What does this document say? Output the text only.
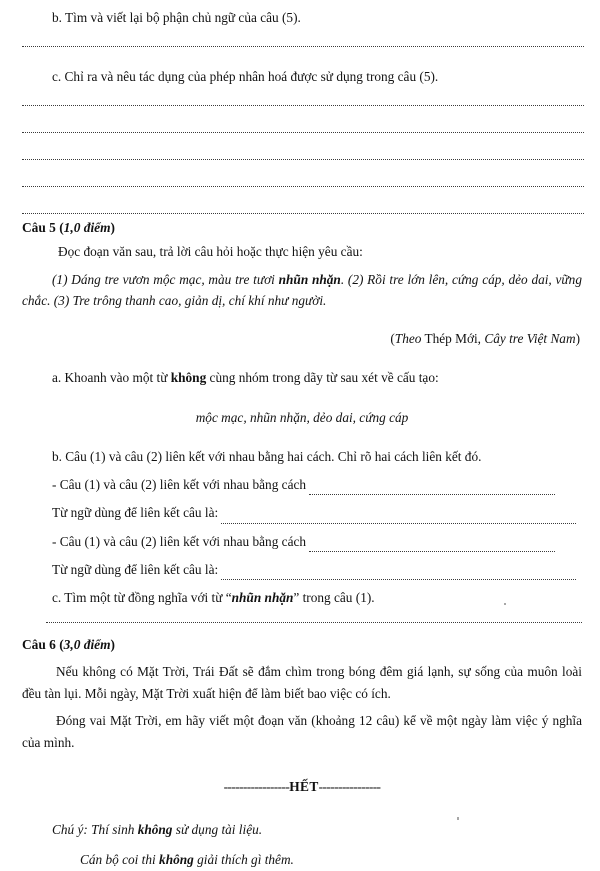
b. Tìm và viết lại bộ phận chủ ngữ của câu (5).

c. Chỉ ra và nêu tác dụng của phép nhân hoá được sử dụng trong câu (5).

Câu 5 (1,0 điểm)

Đọc đoạn văn sau, trả lời câu hỏi hoặc thực hiện yêu cầu:

(1) Dáng tre vươn mộc mạc, màu tre tươi nhũn nhặn. (2) Rồi tre lớn lên, cứng cáp, dẻo dai, vững chắc. (3) Tre trông thanh cao, giản dị, chí khí như người.

(Theo Thép Mới, Cây tre Việt Nam)

a. Khoanh vào một từ không cùng nhóm trong dãy từ sau xét về cấu tạo:

mộc mạc, nhũn nhặn, dẻo dai, cứng cáp

b. Câu (1) và câu (2) liên kết với nhau bằng hai cách. Chỉ rõ hai cách liên kết đó.

- Câu (1) và câu (2) liên kết với nhau bằng cách

Từ ngữ dùng để liên kết câu là:

- Câu (1) và câu (2) liên kết với nhau bằng cách

Từ ngữ dùng để liên kết câu là:

c. Tìm một từ đồng nghĩa với từ “nhũn nhặn” trong câu (1).

Câu 6 (3,0 điểm)

Nếu không có Mặt Trời, Trái Đất sẽ đắm chìm trong bóng đêm giá lạnh, sự sống của muôn loài đều tàn lụi. Mỗi ngày, Mặt Trời xuất hiện để làm biết bao việc có ích.

Đóng vai Mặt Trời, em hãy viết một đoạn văn (khoảng 12 câu) kể về một ngày làm việc ý nghĩa của mình.

-----------------HẾT----------------

Chú ý: Thí sinh không sử dụng tài liệu.

Cán bộ coi thi không giải thích gì thêm.
